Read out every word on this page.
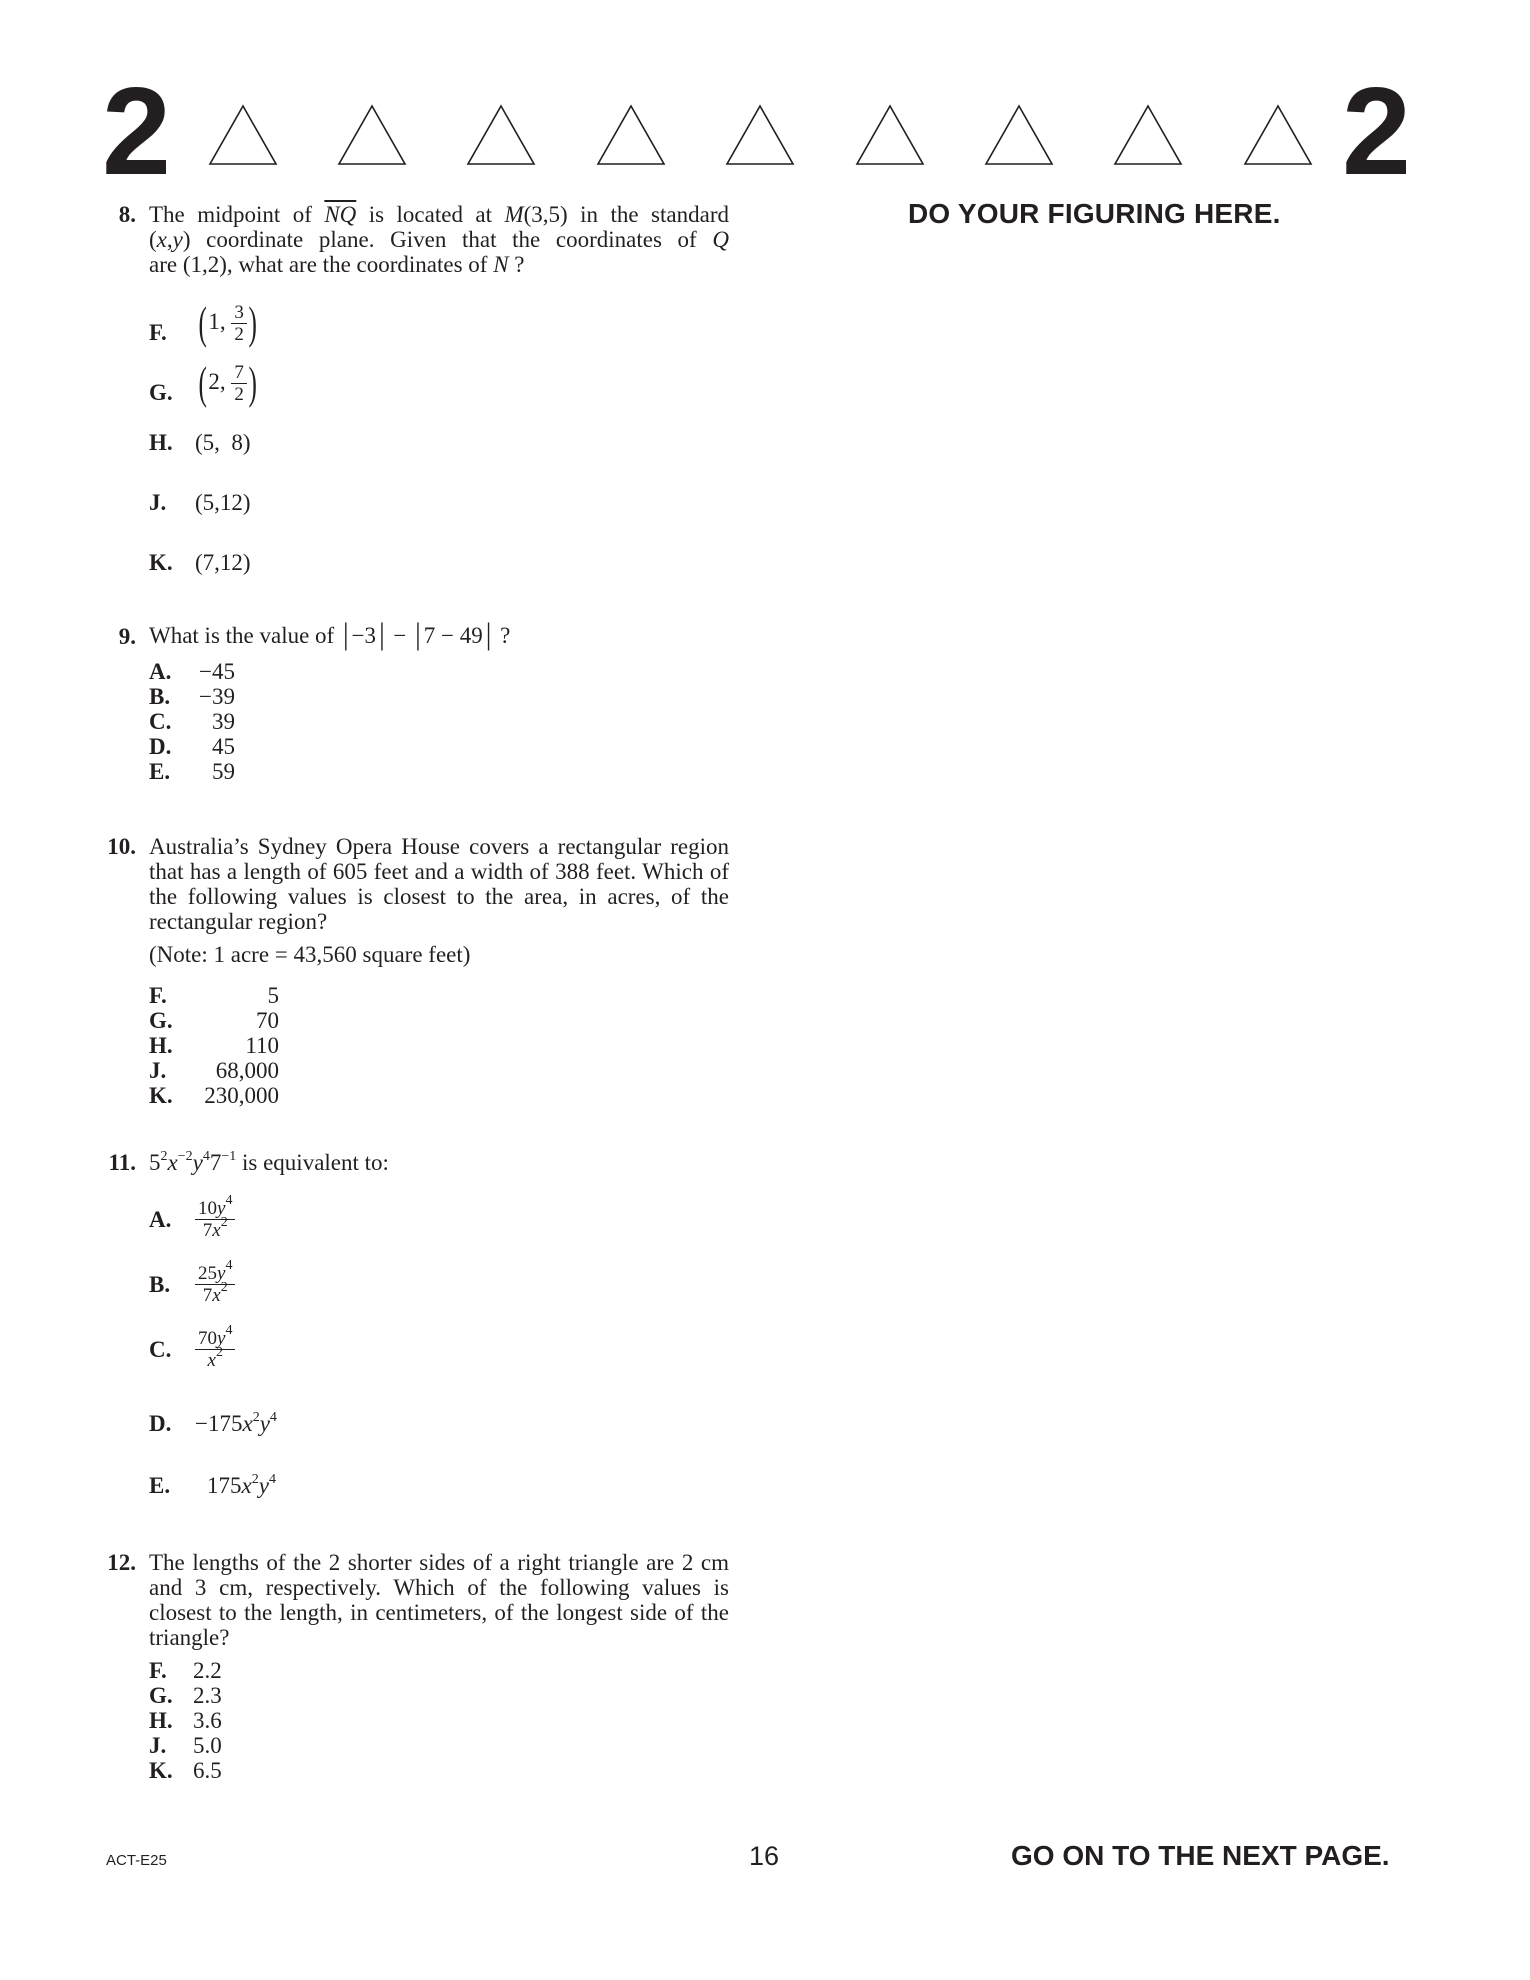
2	2
DO YOUR FIGURING HERE.
8. The midpoint of $\overline{NQ}$ is located at M(3,5) in the standard
(x,y) coordinate plane. Given that the coordinates of Q
are (1,2), what are the coordinates of N ?
F. ( 1, $\frac{3}{2}$ )
G. ( 2, $\frac{7}{2}$ )
H. (5,  8)
J. (5,12)
K. (7,12)
9. What is the value of | −3 | − | 7 − 49 | ?
A. −45
B. −39
C. 39
D. 45
E. 59
10. Australia’s Sydney Opera House covers a rectangular region that has a length of 605 feet and a width of 388 feet. Which of the following values is closest to the area, in acres, of the rectangular region?
(Note: 1 acre = 43,560 square feet)
F.	5
G.	70
H.	110
J. 68,000
K. 230,000
11. $5^2x^{-2}y^47^{-1}$ is equivalent to:
A. $\frac{10y^4}{7x^2}$
B. $\frac{25y^4}{7x^2}$
C. $\frac{70y^4}{x^2}$
D. $-175x^2y^4$
E. $175x^2y^4$
12. The lengths of the 2 shorter sides of a right triangle are 2 cm and 3 cm, respectively. Which of the following values is closest to the length, in centimeters, of the longest side of the triangle?
F. 2.2
G. 2.3
H. 3.6
J. 5.0
K. 6.5
ACT-E25	16	GO ON TO THE NEXT PAGE.
